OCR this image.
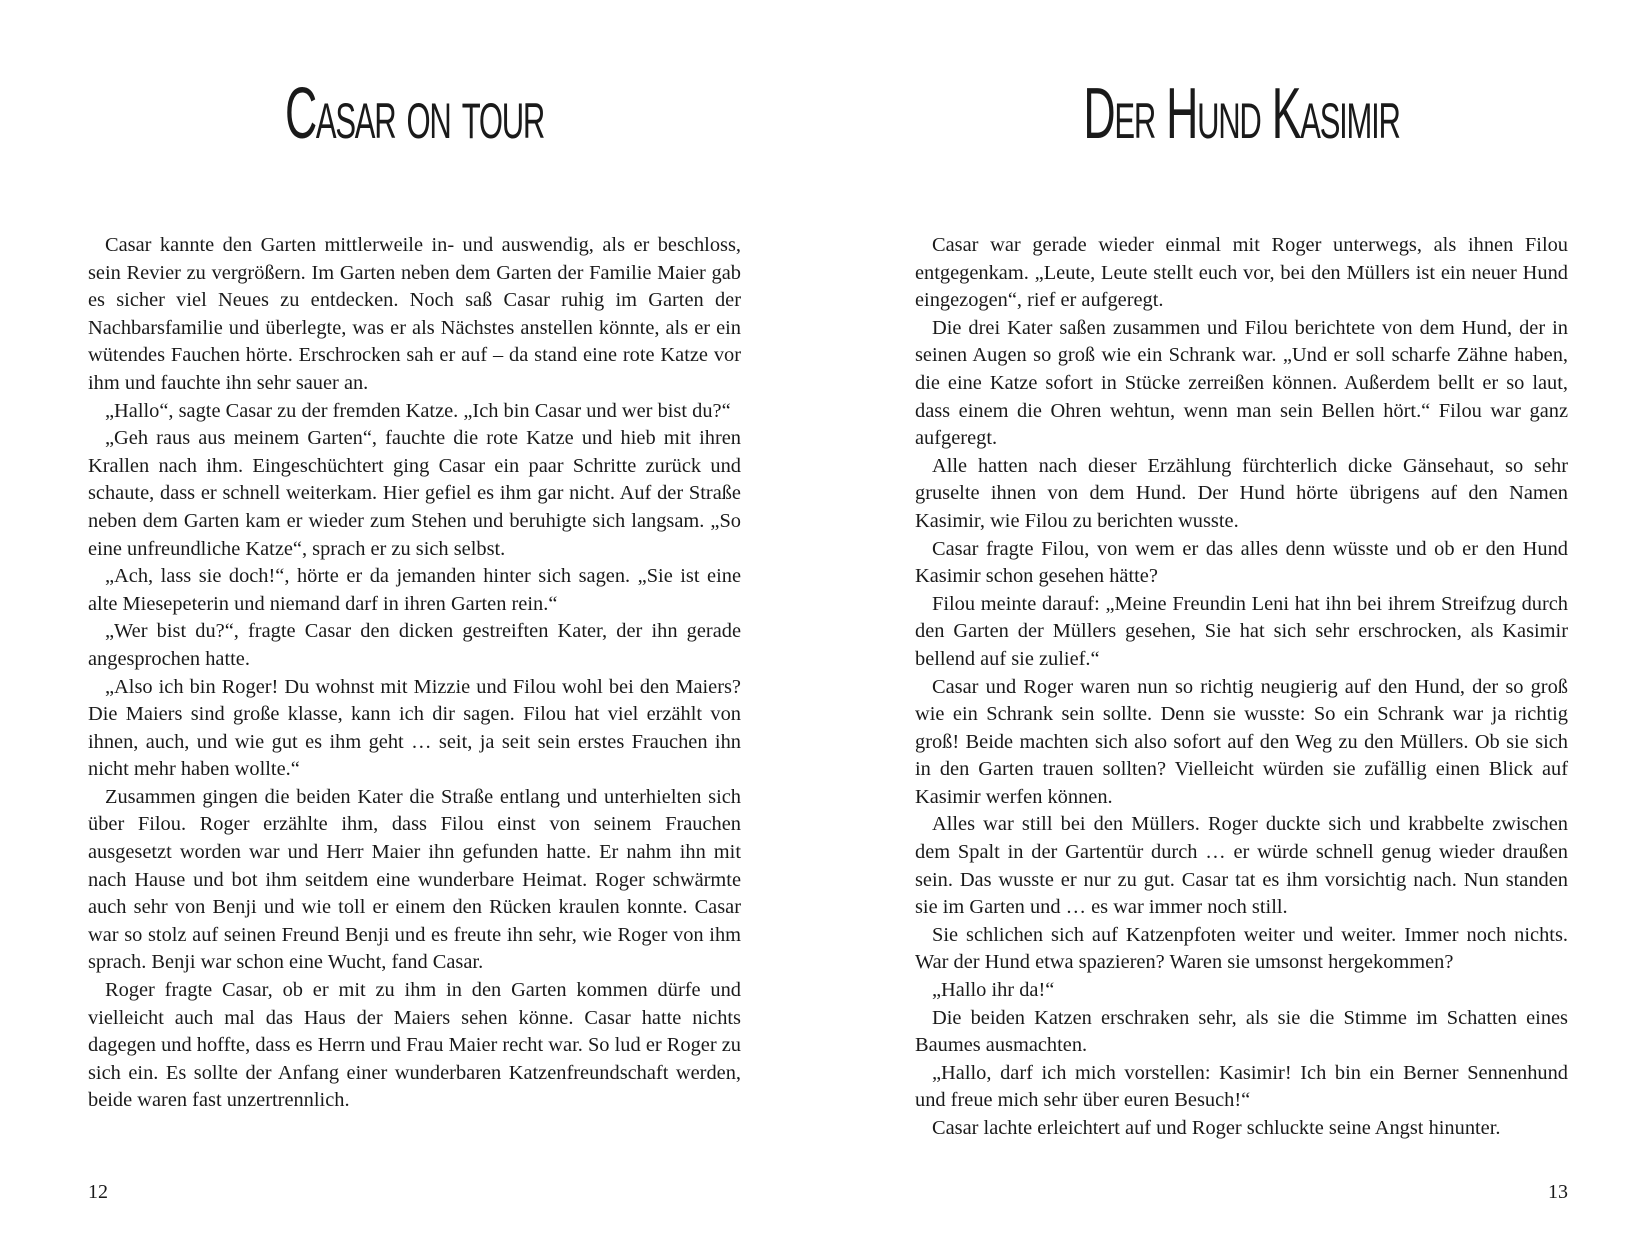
Casar on tour

Casar kannte den Garten mittlerweile in- und auswendig, als er beschloss, sein Revier zu vergrößern. Im Garten neben dem Garten der Familie Maier gab es sicher viel Neues zu entdecken. Noch saß Casar ruhig im Garten der Nachbarsfamilie und überlegte, was er als Nächstes anstellen könnte, als er ein wütendes Fauchen hörte. Erschrocken sah er auf – da stand eine rote Katze vor ihm und fauchte ihn sehr sauer an.

„Hallo“, sagte Casar zu der fremden Katze. „Ich bin Casar und wer bist du?“

„Geh raus aus meinem Garten“, fauchte die rote Katze und hieb mit ihren Krallen nach ihm. Eingeschüchtert ging Casar ein paar Schritte zurück und schaute, dass er schnell weiterkam. Hier gefiel es ihm gar nicht. Auf der Straße neben dem Garten kam er wieder zum Stehen und beruhigte sich langsam. „So eine unfreundliche Katze“, sprach er zu sich selbst.

„Ach, lass sie doch!“, hörte er da jemanden hinter sich sagen. „Sie ist eine alte Miesepeterin und niemand darf in ihren Garten rein.“

„Wer bist du?“, fragte Casar den dicken gestreiften Kater, der ihn gerade angesprochen hatte.

„Also ich bin Roger! Du wohnst mit Mizzie und Filou wohl bei den Maiers? Die Maiers sind große klasse, kann ich dir sagen. Filou hat viel erzählt von ihnen, auch, und wie gut es ihm geht … seit, ja seit sein erstes Frauchen ihn nicht mehr haben wollte.“

Zusammen gingen die beiden Kater die Straße entlang und unterhielten sich über Filou. Roger erzählte ihm, dass Filou einst von seinem Frauchen ausgesetzt worden war und Herr Maier ihn gefunden hatte. Er nahm ihn mit nach Hause und bot ihm seitdem eine wunderbare Heimat. Roger schwärmte auch sehr von Benji und wie toll er einem den Rücken kraulen konnte. Casar war so stolz auf seinen Freund Benji und es freute ihn sehr, wie Roger von ihm sprach. Benji war schon eine Wucht, fand Casar.

Roger fragte Casar, ob er mit zu ihm in den Garten kommen dürfe und vielleicht auch mal das Haus der Maiers sehen könne. Casar hatte nichts dagegen und hoffte, dass es Herrn und Frau Maier recht war. So lud er Roger zu sich ein. Es sollte der Anfang einer wunderbaren Katzenfreundschaft werden, beide waren fast unzertrennlich.

12
Der Hund Kasimir

Casar war gerade wieder einmal mit Roger unterwegs, als ihnen Filou entgegenkam. „Leute, Leute stellt euch vor, bei den Müllers ist ein neuer Hund eingezogen“, rief er aufgeregt.

Die drei Kater saßen zusammen und Filou berichtete von dem Hund, der in seinen Augen so groß wie ein Schrank war. „Und er soll scharfe Zähne haben, die eine Katze sofort in Stücke zerreißen können. Außerdem bellt er so laut, dass einem die Ohren wehtun, wenn man sein Bellen hört.“ Filou war ganz aufgeregt.

Alle hatten nach dieser Erzählung fürchterlich dicke Gänsehaut, so sehr gruselte ihnen von dem Hund. Der Hund hörte übrigens auf den Namen Kasimir, wie Filou zu berichten wusste.

Casar fragte Filou, von wem er das alles denn wüsste und ob er den Hund Kasimir schon gesehen hätte?

Filou meinte darauf: „Meine Freundin Leni hat ihn bei ihrem Streifzug durch den Garten der Müllers gesehen, Sie hat sich sehr erschrocken, als Kasimir bellend auf sie zulief.“

Casar und Roger waren nun so richtig neugierig auf den Hund, der so groß wie ein Schrank sein sollte. Denn sie wusste: So ein Schrank war ja richtig groß! Beide machten sich also sofort auf den Weg zu den Müllers. Ob sie sich in den Garten trauen sollten? Vielleicht würden sie zufällig einen Blick auf Kasimir werfen können.

Alles war still bei den Müllers. Roger duckte sich und krabbelte zwischen dem Spalt in der Gartentür durch … er würde schnell genug wieder draußen sein. Das wusste er nur zu gut. Casar tat es ihm vorsichtig nach. Nun standen sie im Garten und … es war immer noch still.

Sie schlichen sich auf Katzenpfoten weiter und weiter. Immer noch nichts. War der Hund etwa spazieren? Waren sie umsonst hergekommen?

„Hallo ihr da!“

Die beiden Katzen erschraken sehr, als sie die Stimme im Schatten eines Baumes ausmachten.

„Hallo, darf ich mich vorstellen: Kasimir! Ich bin ein Berner Sennenhund und freue mich sehr über euren Besuch!“

Casar lachte erleichtert auf und Roger schluckte seine Angst hinunter.

13
